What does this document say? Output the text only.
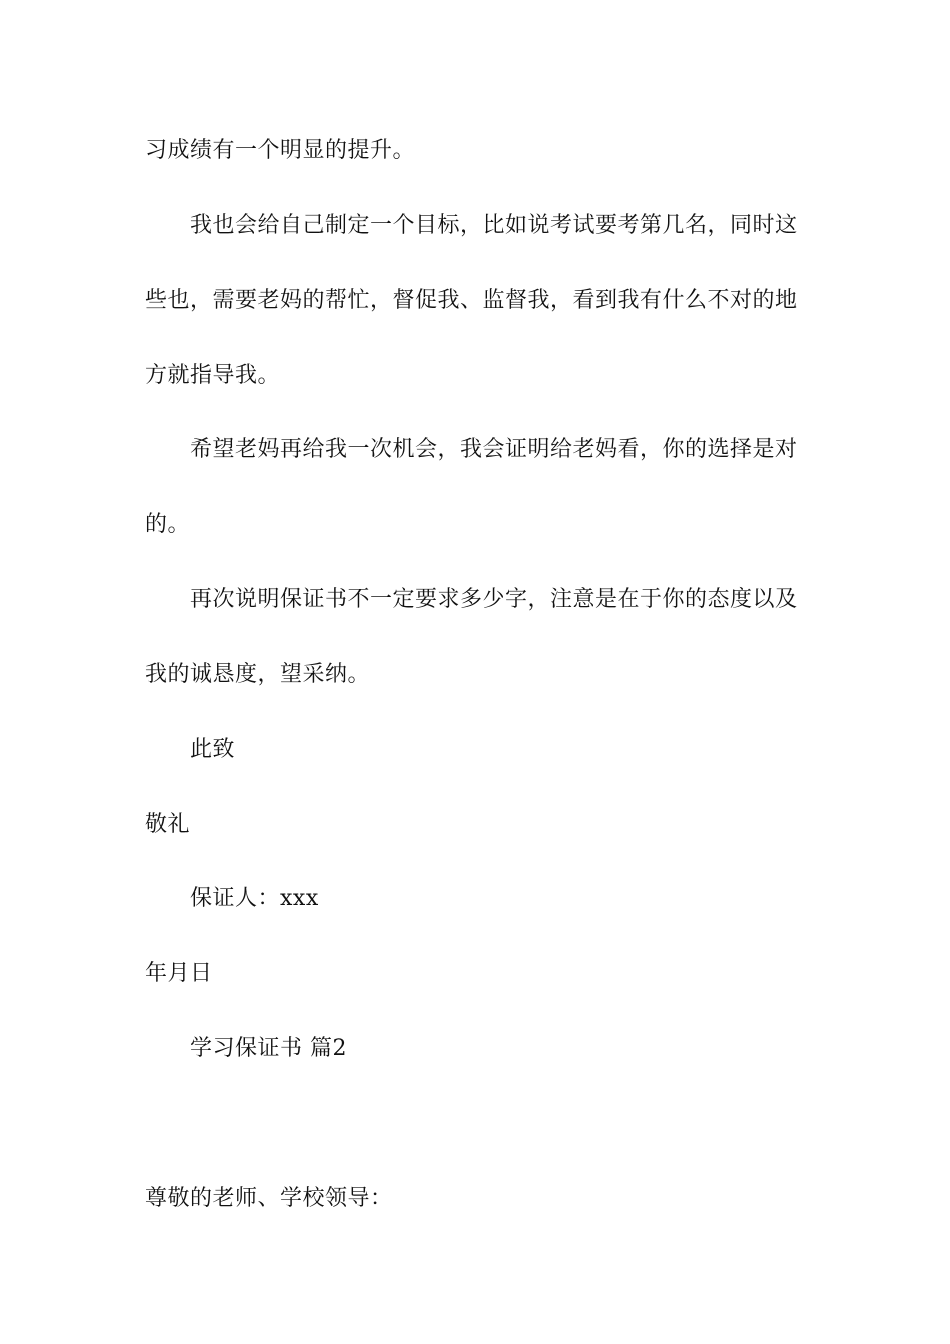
习成绩有一个明显的提升。
我也会给自己制定一个目标，比如说考试要考第几名，同时这
些也，需要老妈的帮忙，督促我、监督我，看到我有什么不对的地
方就指导我。
希望老妈再给我一次机会，我会证明给老妈看，你的选择是对
的。
再次说明保证书不一定要求多少字，注意是在于你的态度以及
我的诚恳度，望采纳。
此致
敬礼
保证人：xxx
年月日
学习保证书 篇2
尊敬的老师、学校领导：
